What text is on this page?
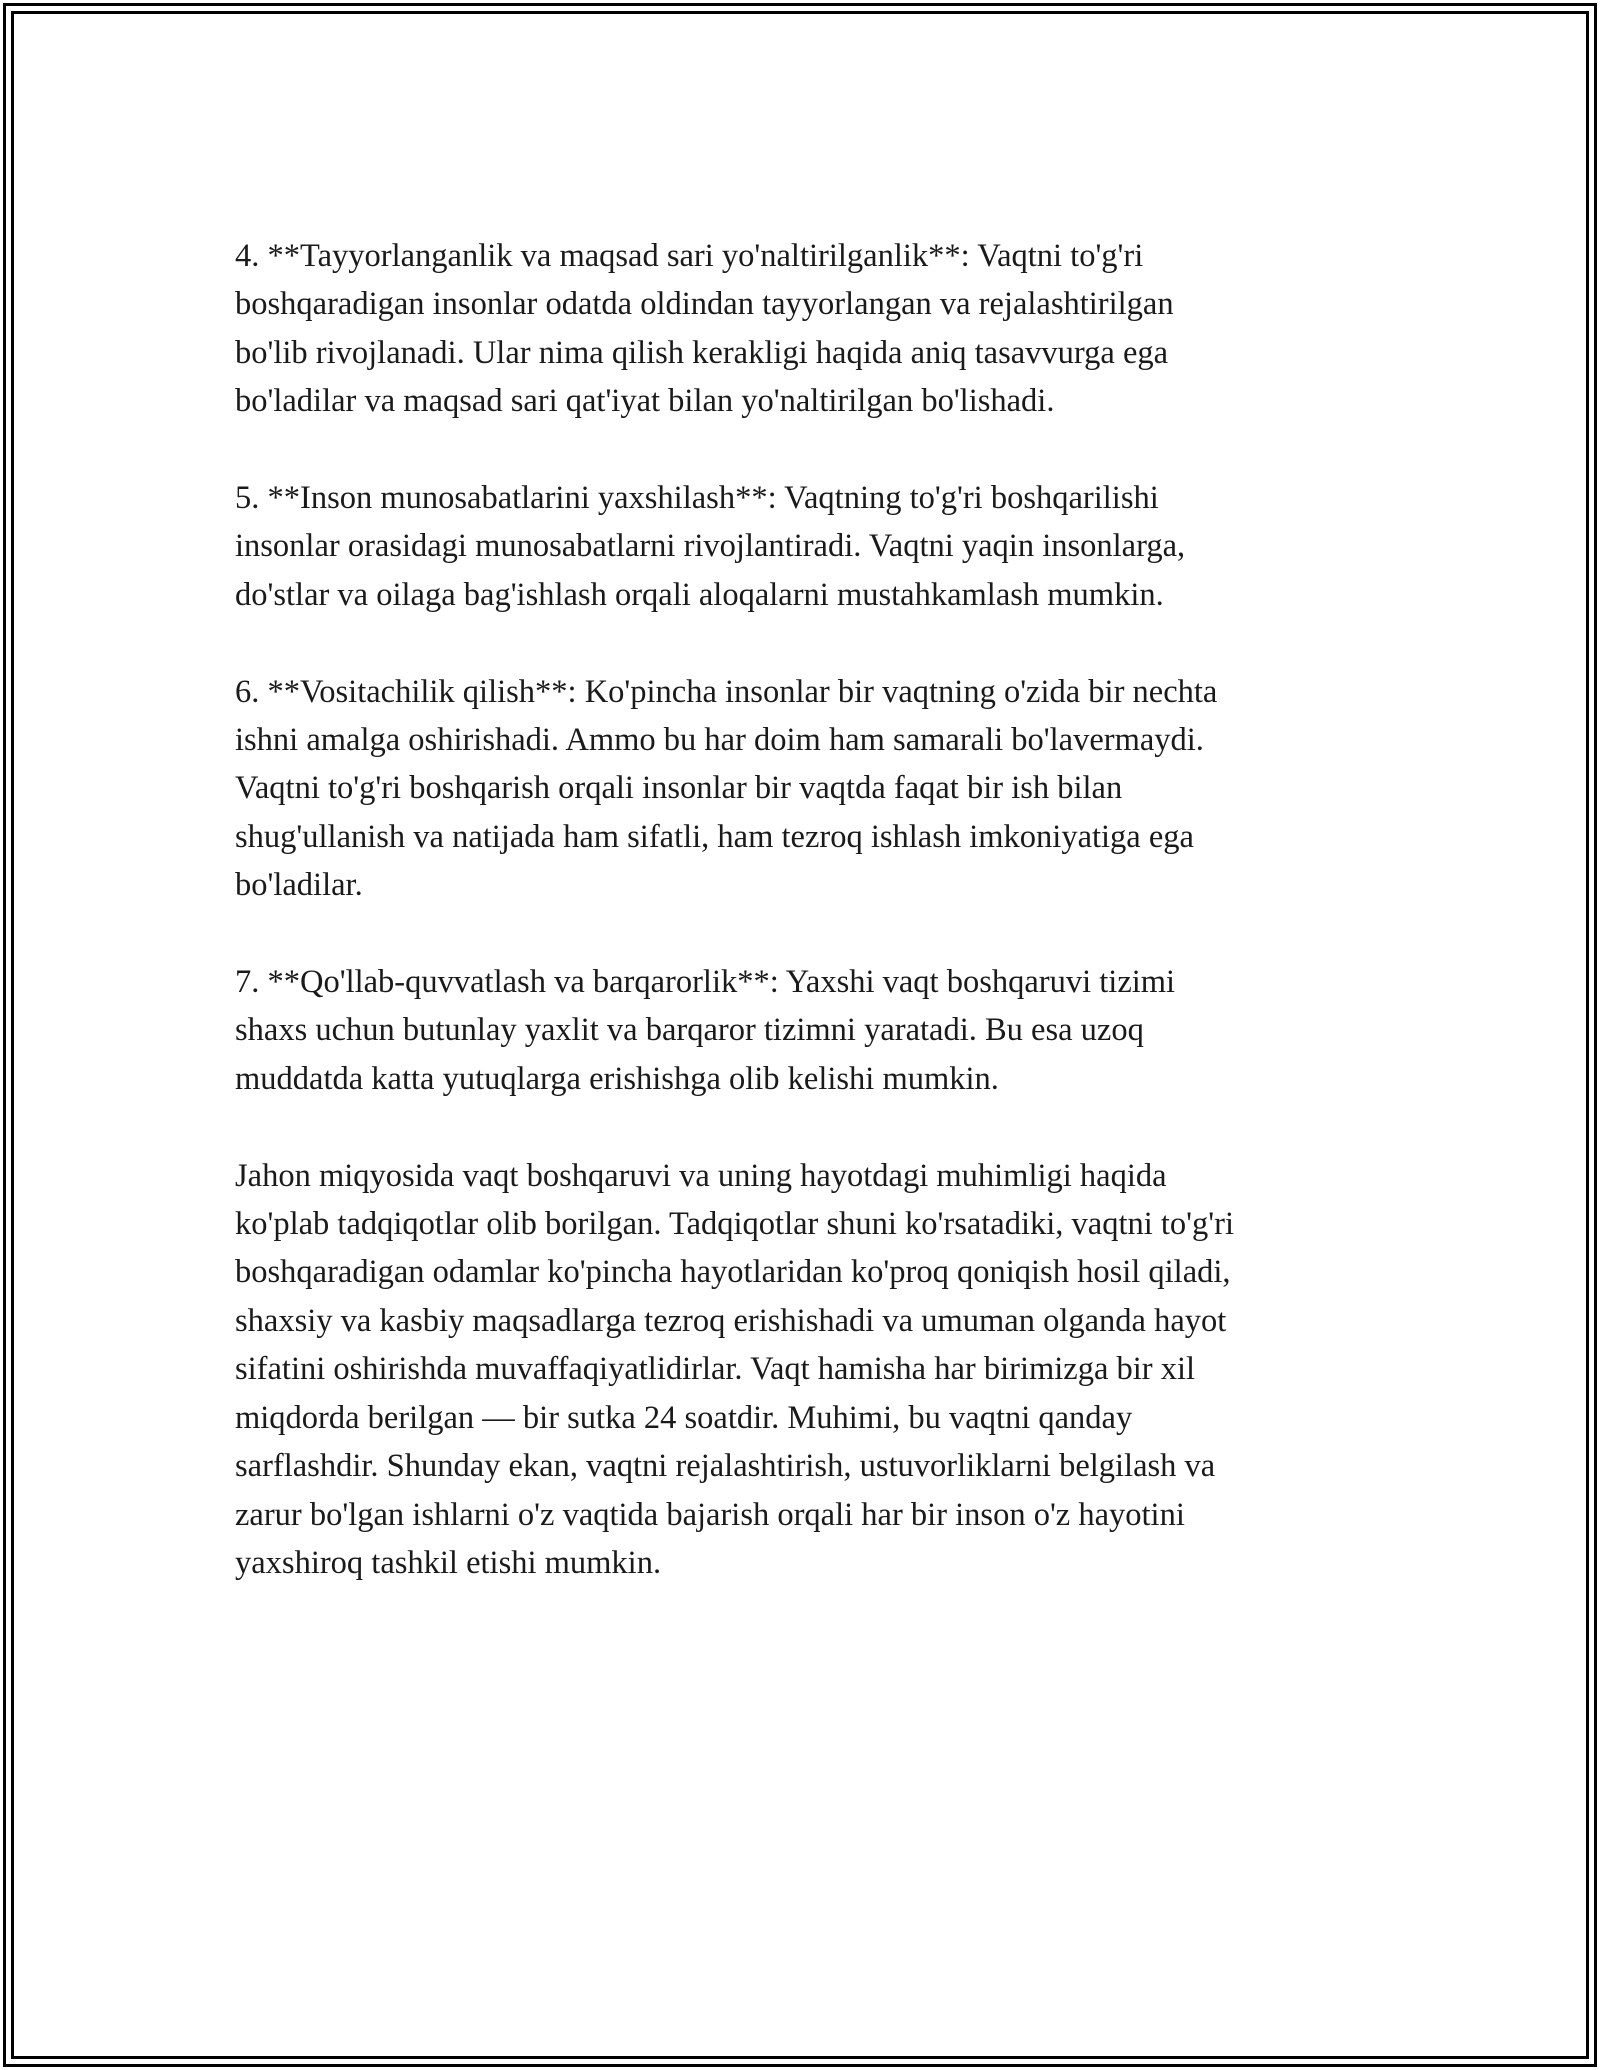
4. **Tayyorlanganlik va maqsad sari yo'naltirilganlik**: Vaqtni to'g'ri
boshqaradigan insonlar odatda oldindan tayyorlangan va rejalashtirilgan
bo'lib rivojlanadi. Ular nima qilish kerakligi haqida aniq tasavvurga ega
bo'ladilar va maqsad sari qat'iyat bilan yo'naltirilgan bo'lishadi.

5. **Inson munosabatlarini yaxshilash**: Vaqtning to'g'ri boshqarilishi
insonlar orasidagi munosabatlarni rivojlantiradi. Vaqtni yaqin insonlarga,
do'stlar va oilaga bag'ishlash orqali aloqalarni mustahkamlash mumkin.

6. **Vositachilik qilish**: Ko'pincha insonlar bir vaqtning o'zida bir nechta
ishni amalga oshirishadi. Ammo bu har doim ham samarali bo'lavermaydi.
Vaqtni to'g'ri boshqarish orqali insonlar bir vaqtda faqat bir ish bilan
shug'ullanish va natijada ham sifatli, ham tezroq ishlash imkoniyatiga ega
bo'ladilar.

7. **Qo'llab-quvvatlash va barqarorlik**: Yaxshi vaqt boshqaruvi tizimi
shaxs uchun butunlay yaxlit va barqaror tizimni yaratadi. Bu esa uzoq
muddatda katta yutuqlarga erishishga olib kelishi mumkin.

Jahon miqyosida vaqt boshqaruvi va uning hayotdagi muhimligi haqida
ko'plab tadqiqotlar olib borilgan. Tadqiqotlar shuni ko'rsatadiki, vaqtni to'g'ri
boshqaradigan odamlar ko'pincha hayotlaridan ko'proq qoniqish hosil qiladi,
shaxsiy va kasbiy maqsadlarga tezroq erishishadi va umuman olganda hayot
sifatini oshirishda muvaffaqiyatlidirlar. Vaqt hamisha har birimizga bir xil
miqdorda berilgan — bir sutka 24 soatdir. Muhimi, bu vaqtni qanday
sarflashdir. Shunday ekan, vaqtni rejalashtirish, ustuvorliklarni belgilash va
zarur bo'lgan ishlarni o'z vaqtida bajarish orqali har bir inson o'z hayotini
yaxshiroq tashkil etishi mumkin.
